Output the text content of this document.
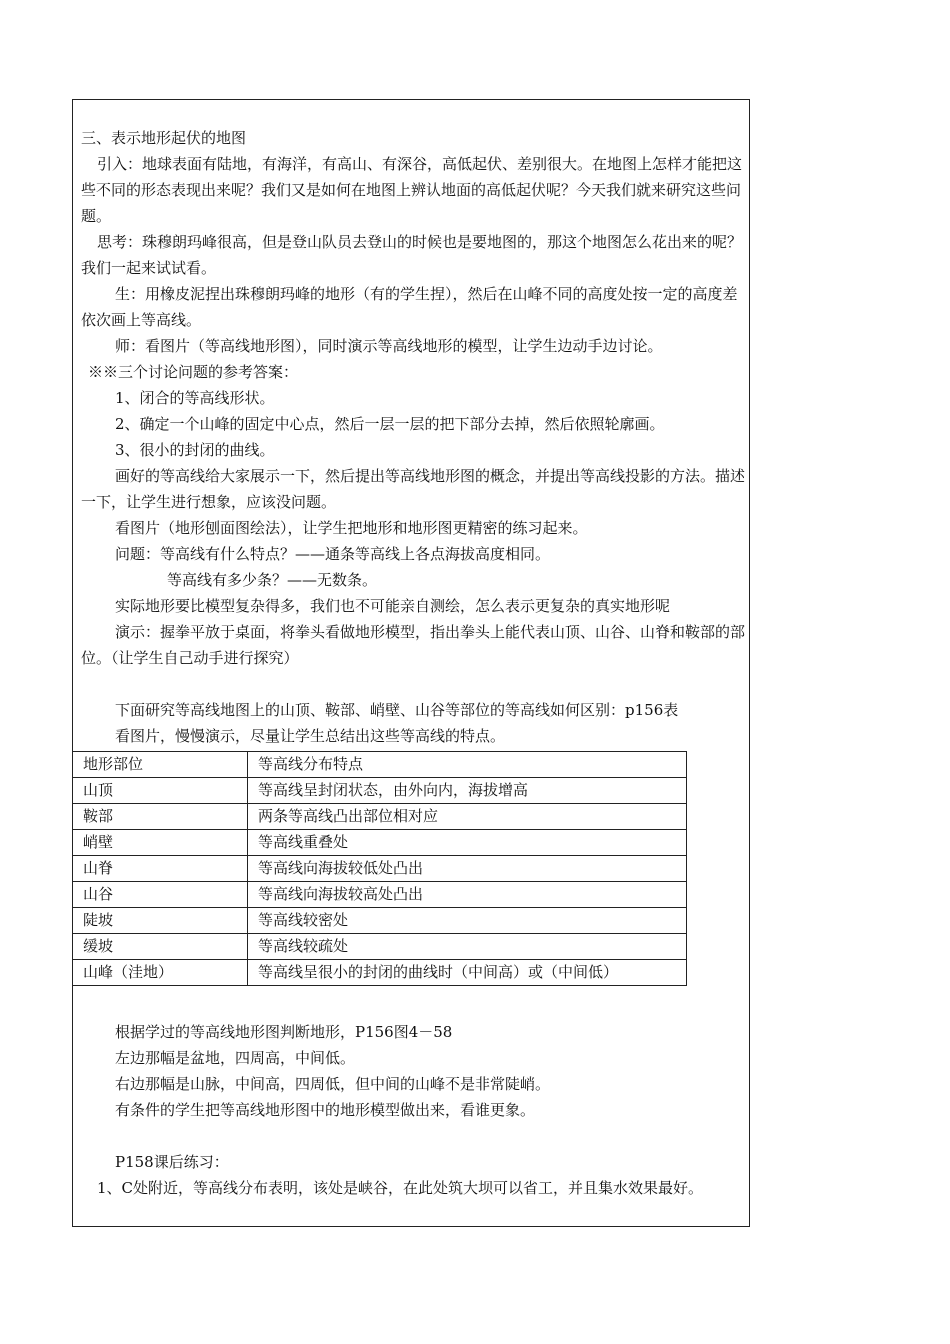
三、表示地形起伏的地图

引入：地球表面有陆地，有海洋，有高山、有深谷，高低起伏、差别很大。在地图上怎样才能把这些不同的形态表现出来呢？我们又是如何在地图上辨认地面的高低起伏呢？今天我们就来研究这些问题。

思考：珠穆朗玛峰很高，但是登山队员去登山的时候也是要地图的，那这个地图怎么花出来的呢？我们一起来试试看。

生：用橡皮泥捏出珠穆朗玛峰的地形（有的学生捏），然后在山峰不同的高度处按一定的高度差依次画上等高线。

师：看图片（等高线地形图），同时演示等高线地形的模型，让学生边动手边讨论。

※※三个讨论问题的参考答案：

1、闭合的等高线形状。

2、确定一个山峰的固定中心点，然后一层一层的把下部分去掉，然后依照轮廓画。

3、很小的封闭的曲线。

画好的等高线给大家展示一下，然后提出等高线地形图的概念，并提出等高线投影的方法。描述一下，让学生进行想象，应该没问题。

看图片（地形刨面图绘法），让学生把地形和地形图更精密的练习起来。

问题：等高线有什么特点？——通条等高线上各点海拔高度相同。

等高线有多少条？——无数条。

实际地形要比模型复杂得多，我们也不可能亲自测绘，怎么表示更复杂的真实地形呢

演示：握拳平放于桌面，将拳头看做地形模型，指出拳头上能代表山顶、山谷、山脊和鞍部的部位。（让学生自己动手进行探究）

下面研究等高线地图上的山顶、鞍部、峭壁、山谷等部位的等高线如何区别：p156表

看图片，慢慢演示，尽量让学生总结出这些等高线的特点。

地形部位	等高线分布特点
山顶	等高线呈封闭状态，由外向内，海拔增高
鞍部	两条等高线凸出部位相对应
峭壁	等高线重叠处
山脊	等高线向海拔较低处凸出
山谷	等高线向海拔较高处凸出
陡坡	等高线较密处
缓坡	等高线较疏处
山峰（洼地）	等高线呈很小的封闭的曲线时（中间高）或（中间低）

根据学过的等高线地形图判断地形，P156图4－58

左边那幅是盆地，四周高，中间低。

右边那幅是山脉，中间高，四周低，但中间的山峰不是非常陡峭。

有条件的学生把等高线地形图中的地形模型做出来，看谁更象。

P158课后练习：

1、C处附近，等高线分布表明，该处是峡谷，在此处筑大坝可以省工，并且集水效果最好。
